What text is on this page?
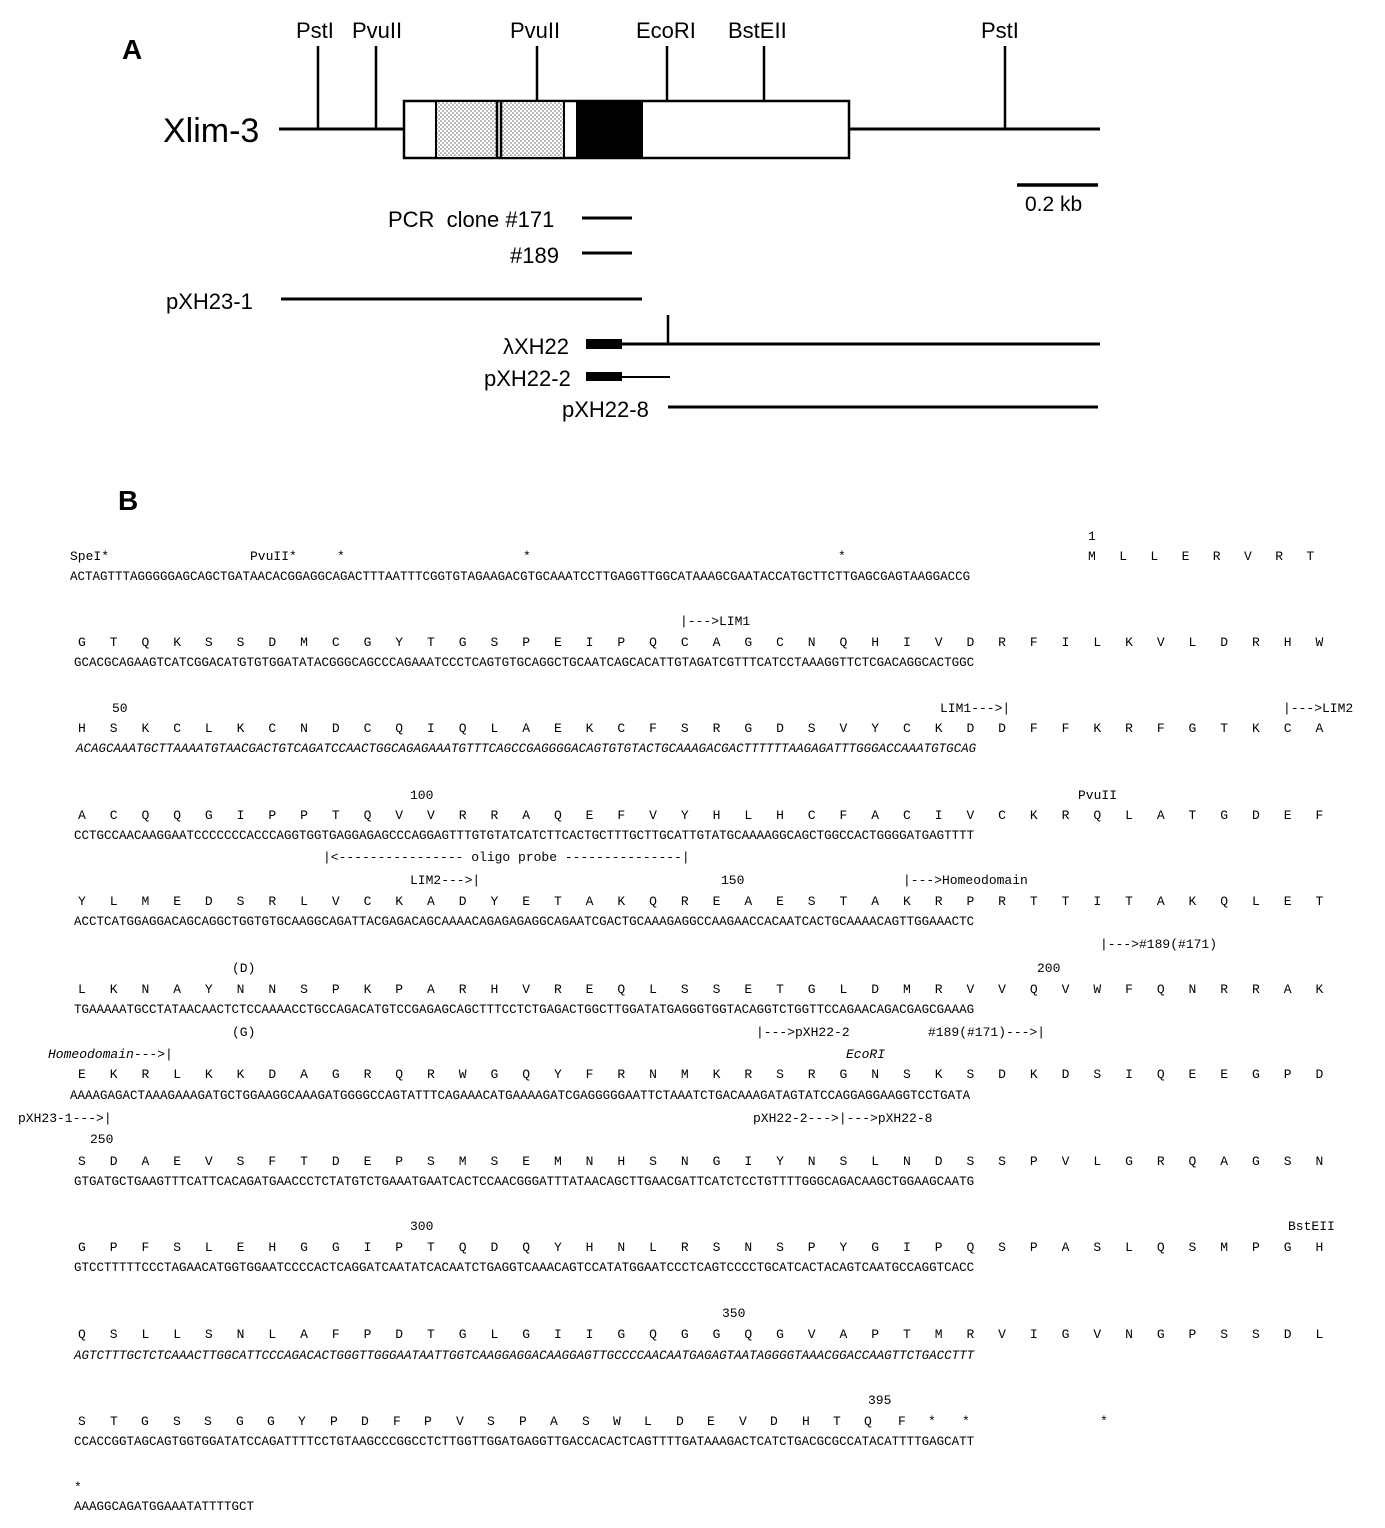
A
PstI PvuII	PvuII	EcoRI BstEII	PstI
Xlim-3
0.2 kb
PCR  clone #171
#189
pXH23-1
λXH22
pXH22-2
pXH22-8
B
1
SpeI*	PvuII*	*	*	*	M L L E R V R T
ACTAGTTTAGGGGGAGCAGCTGATAACACGGAGGCAGACTTTAATTTCGGTGTAGAAGACGTGCAAATCCTTGAGGTTGGCATAAAGCGAATACCATGCTTCTTGAGCGAGTAAGGACCG
|--->LIM1
G T Q K S S D M C G Y T G S P E I P Q C A G C N Q H I V D R F I L K V L D R H W
GCACGCAGAAGTCATCGGACATGTGTGGATATACGGGCAGCCCAGAAATCCCTCAGTGTGCAGGCTGCAATCAGCACATTGTAGATCGTTTCATCCTAAAGGTTCTCGACAGGCACTGGC
50	LIM1--->|	|--->LIM2
H S K C L K C N D C Q I Q L A E K C F S R G D S V Y C K D D F F K R F G T K C A
ACAGCAAATGCTTAAAATGTAACGACTGTCAGATCCAACTGGCAGAGAAATGTTTCAGCCGAGGGGACAGTGTGTACTGCAAAGACGACTTTTTTAAGAGATTTGGGACCAAATGTGCAG
100	PvuII
A C Q Q G I P P T Q V V R R A Q E F V Y H L H C F A C I V C K R Q L A T G D E F
CCTGCCAACAAGGAATCCCCCCCACCCAGGTGGTGAGGAGAGCCCAGGAGTTTGTGTATCATCTTCACTGCTTTGCTTGCATTGTATGCAAAAGGCAGCTGGCCACTGGGGATGAGTTTT
|<---------------- oligo probe ---------------|
LIM2--->|	150	|--->Homeodomain
Y L M E D S R L V C K A D Y E T A K Q R E A E S T A K R P R T T I T A K Q L E T
ACCTCATGGAGGACAGCAGGCTGGTGTGCAAGGCAGATTACGAGACAGCAAAACAGAGAGAGGCAGAATCGACTGCAAAGAGGCCAAGAACCACAATCACTGCAAAACAGTTGGAAACTC
|--->#189(#171)
(D)	200
L K N A Y N N S P K P A R H V R E Q L S S E T G L D M R V V Q V W F Q N R R A K
TGAAAAATGCCTATAACAACTCTCCAAAACCTGCCAGACATGTCCGAGAGCAGCTTTCCTCTGAGACTGGCTTGGATATGAGGGTGGTACAGGTCTGGTTCCAGAACAGACGAGCGAAAG
(G)	|--->pXH22-2	#189(#171)--->|
Homeodomain--->|	EcoRI
E K R L K K D A G R Q R W G Q Y F R N M K R S R G N S K S D K D S I Q E E G P D
AAAAGAGACTAAAGAAAGATGCTGGAAGGCAAAGATGGGGCCAGTATTTCAGAAACATGAAAAGATCGAGGGGGAATTCTAAATCTGACAAAGATAGTATCCAGGAGGAAGGTCCTGATA
pXH23-1--->|	pXH22-2--->|--->pXH22-8
250
S D A E V S F T D E P S M S E M N H S N G I Y N S L N D S S P V L G R Q A G S N
GTGATGCTGAAGTTTCATTCACAGATGAACCCTCTATGTCTGAAATGAATCACTCCAACGGGATTTATAACAGCTTGAACGATTCATCTCCTGTTTTGGGCAGACAAGCTGGAAGCAATG
300	BstEII
G P F S L E H G G I P T Q D Q Y H N L R S N S P Y G I P Q S P A S L Q S M P G H
GTCCTTTTTCCCTAGAACATGGTGGAATCCCCACTCAGGATCAATATCACAATCTGAGGTCAAACAGTCCATATGGAATCCCTCAGTCCCCTGCATCACTACAGTCAATGCCAGGTCACC
350
Q S L L S N L A F P D T G L G I I G Q G G Q G V A P T M R V I G V N G P S S D L
AGTCTTTGCTCTCAAACTTGGCATTCCCAGACACTGGGTTGGGAATAATTGGTCAAGGAGGACAAGGAGTTGCCCCAACAATGAGAGTAATAGGGGTAAACGGACCAAGTTCTGACCTTT
395
S T G S S G G Y P D F P V S P A S W L D E V D H T Q F * *	*
CCACCGGTAGCAGTGGTGGATATCCAGATTTTCCTGTAAGCCCGGCCTCTTGGTTGGATGAGGTTGACCACACTCAGTTTTGATAAAGACTCATCTGACGCGCCATACATTTTGAGCATT
*
AAAGGCAGATGGAAATATTTTGCT
